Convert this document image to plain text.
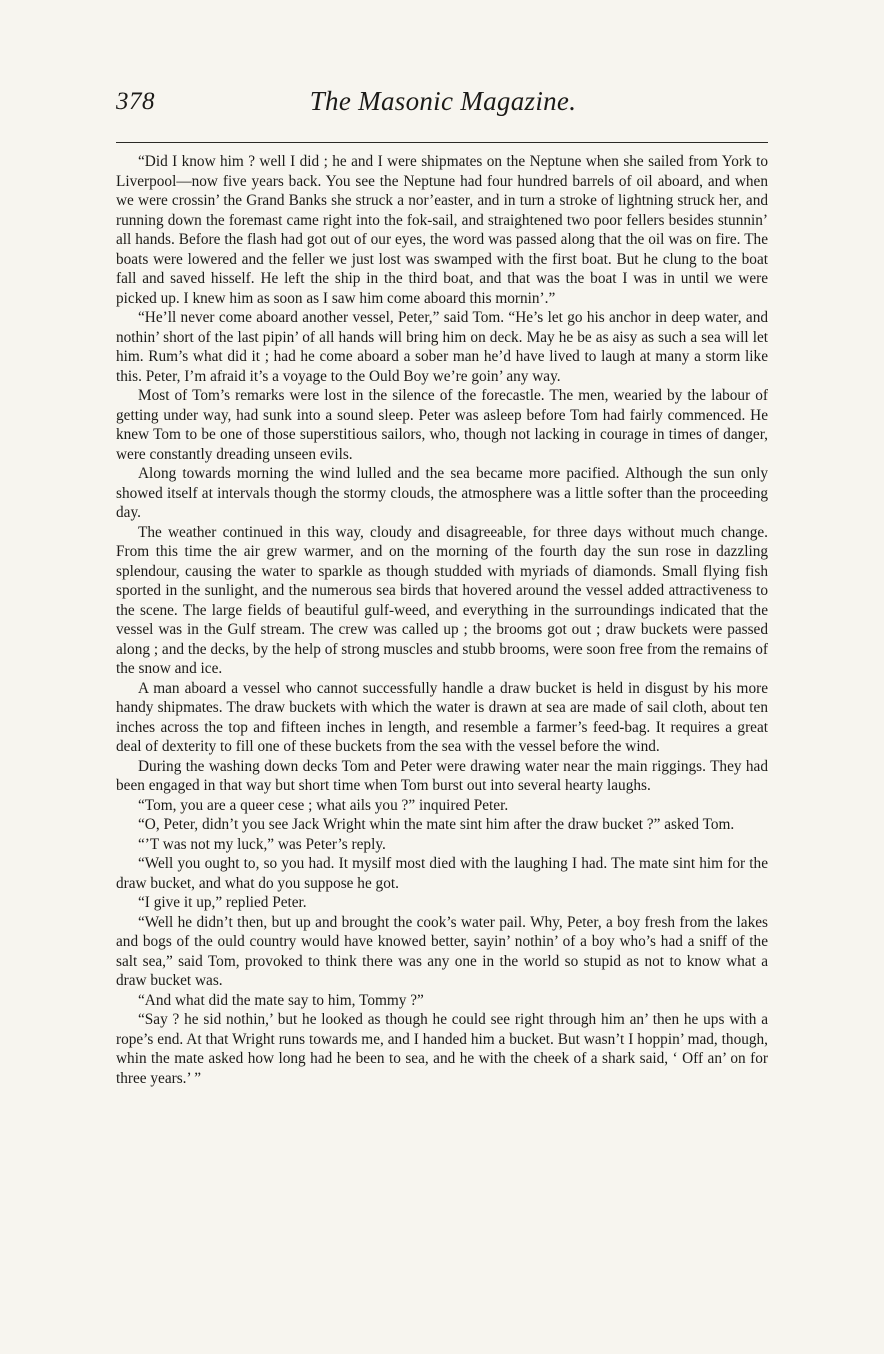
378	The Masonic Magazine.

“Did I know him ? well I did ; he and I were shipmates on the Neptune when she sailed from York to Liverpool—now five years back. You see the Neptune had four hundred barrels of oil aboard, and when we were crossin’ the Grand Banks she struck a nor’easter, and in turn a stroke of lightning struck her, and running down the foremast came right into the fok-sail, and straightened two poor fellers besides stunnin’ all hands. Before the flash had got out of our eyes, the word was passed along that the oil was on fire. The boats were lowered and the feller we just lost was swamped with the first boat. But he clung to the boat fall and saved hisself. He left the ship in the third boat, and that was the boat I was in until we were picked up. I knew him as soon as I saw him come aboard this mornin’.”

“He’ll never come aboard another vessel, Peter,” said Tom. “He’s let go his anchor in deep water, and nothin’ short of the last pipin’ of all hands will bring him on deck. May he be as aisy as such a sea will let him. Rum’s what did it ; had he come aboard a sober man he’d have lived to laugh at many a storm like this. Peter, I’m afraid it’s a voyage to the Ould Boy we’re goin’ any way.

Most of Tom’s remarks were lost in the silence of the forecastle. The men, wearied by the labour of getting under way, had sunk into a sound sleep. Peter was asleep before Tom had fairly commenced. He knew Tom to be one of those superstitious sailors, who, though not lacking in courage in times of danger, were constantly dreading unseen evils.

Along towards morning the wind lulled and the sea became more pacified. Although the sun only showed itself at intervals though the stormy clouds, the atmosphere was a little softer than the proceeding day.

The weather continued in this way, cloudy and disagreeable, for three days without much change. From this time the air grew warmer, and on the morning of the fourth day the sun rose in dazzling splendour, causing the water to sparkle as though studded with myriads of diamonds. Small flying fish sported in the sunlight, and the numerous sea birds that hovered around the vessel added attractiveness to the scene. The large fields of beautiful gulf-weed, and everything in the surroundings indicated that the vessel was in the Gulf stream. The crew was called up ; the brooms got out ; draw buckets were passed along ; and the decks, by the help of strong muscles and stubb brooms, were soon free from the remains of the snow and ice.

A man aboard a vessel who cannot successfully handle a draw bucket is held in disgust by his more handy shipmates. The draw buckets with which the water is drawn at sea are made of sail cloth, about ten inches across the top and fifteen inches in length, and resemble a farmer’s feed-bag. It requires a great deal of dexterity to fill one of these buckets from the sea with the vessel before the wind.

During the washing down decks Tom and Peter were drawing water near the main riggings. They had been engaged in that way but short time when Tom burst out into several hearty laughs.

“Tom, you are a queer cese ; what ails you ?” inquired Peter.

“O, Peter, didn’t you see Jack Wright whin the mate sint him after the draw bucket ?” asked Tom.

“’T was not my luck,” was Peter’s reply.

“Well you ought to, so you had. It mysilf most died with the laughing I had. The mate sint him for the draw bucket, and what do you suppose he got.

“I give it up,” replied Peter.

“Well he didn’t then, but up and brought the cook’s water pail. Why, Peter, a boy fresh from the lakes and bogs of the ould country would have knowed better, sayin’ nothin’ of a boy who’s had a sniff of the salt sea,” said Tom, provoked to think there was any one in the world so stupid as not to know what a draw bucket was.

“And what did the mate say to him, Tommy ?”

“Say ? he sid nothin,’ but he looked as though he could see right through him an’ then he ups with a rope’s end. At that Wright runs towards me, and I handed him a bucket. But wasn’t I hoppin’ mad, though, whin the mate asked how long had he been to sea, and he with the cheek of a shark said, ‘ Off an’ on for three years.’ ”
